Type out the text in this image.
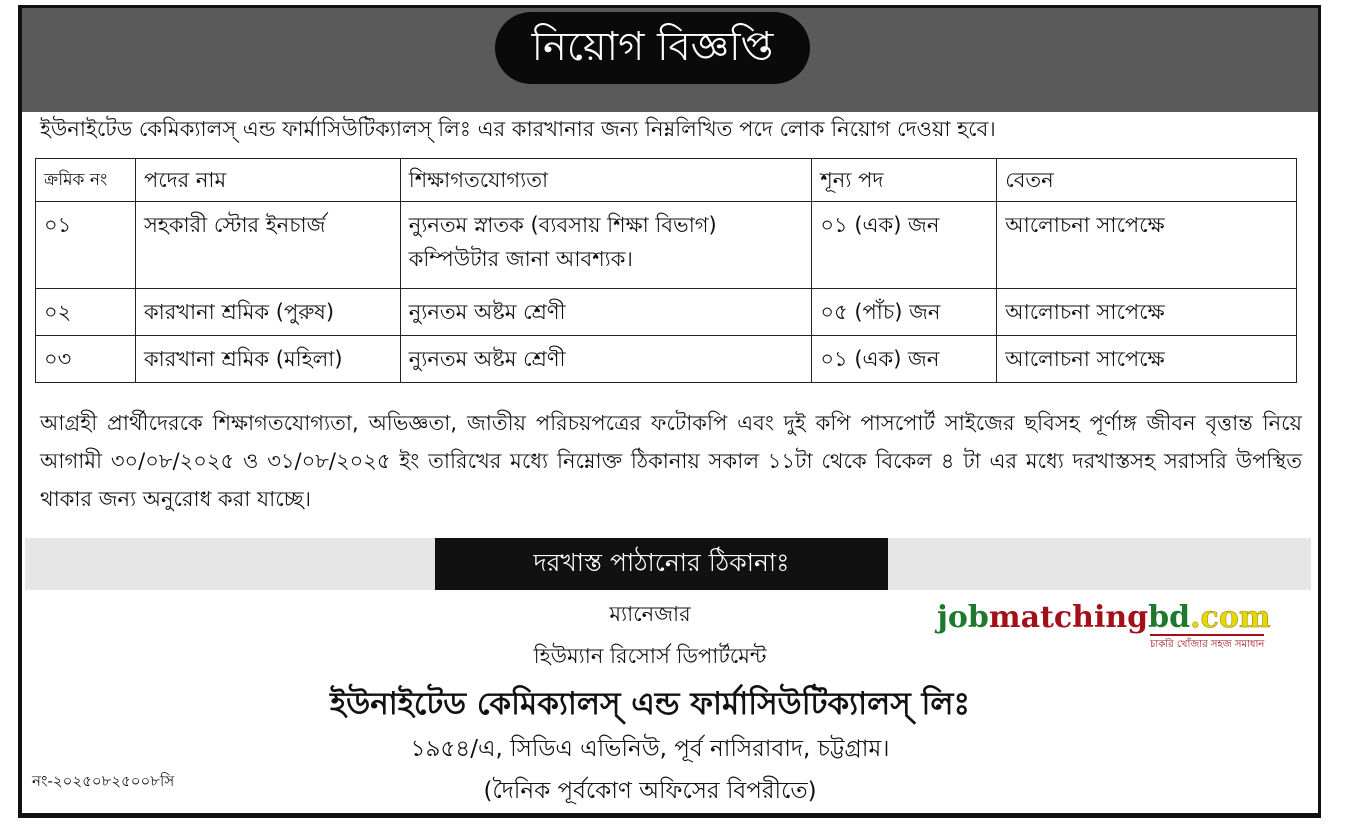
নিয়োগ বিজ্ঞপ্তি
ইউনাইটেড কেমিক্যালস্ এন্ড ফার্মাসিউটিক্যালস্ লিঃ এর কারখানার জন্য নিম্নলিখিত পদে লোক নিয়োগ দেওয়া হবে।
ক্রমিক নং	পদের নাম	শিক্ষাগতযোগ্যতা	শূন্য পদ	বেতন
০১	সহকারী স্টোর ইনচার্জ	ন্যুনতম স্নাতক (ব্যবসায় শিক্ষা বিভাগ) কম্পিউটার জানা আবশ্যক।	০১ (এক) জন	আলোচনা সাপেক্ষে
০২	কারখানা শ্রমিক (পুরুষ)	ন্যুনতম অষ্টম শ্রেণী	০৫ (পাঁচ) জন	আলোচনা সাপেক্ষে
০৩	কারখানা শ্রমিক (মহিলা)	ন্যুনতম অষ্টম শ্রেণী	০১ (এক) জন	আলোচনা সাপেক্ষে
আগ্রহী প্রার্থীদেরকে শিক্ষাগতযোগ্যতা, অভিজ্ঞতা, জাতীয় পরিচয়পত্রের ফটোকপি এবং দুই কপি পাসপোর্ট সাইজের ছবিসহ পূর্ণাঙ্গ জীবন বৃত্তান্ত নিয়ে আগামী ৩০/০৮/২০২৫ ও ৩১/০৮/২০২৫ ইং তারিখের মধ্যে নিম্নোক্ত ঠিকানায় সকাল ১১টা থেকে বিকেল ৪ টা এর মধ্যে দরখাস্তসহ সরাসরি উপস্থিত থাকার জন্য অনুরোধ করা যাচ্ছে।
দরখাস্ত পাঠানোর ঠিকানাঃ
ম্যানেজার
হিউম্যান রিসোর্স ডিপার্টমেন্ট
ইউনাইটেড কেমিক্যালস্ এন্ড ফার্মাসিউটিক্যালস্ লিঃ
১৯৫৪/এ, সিডিএ এভিনিউ, পূর্ব নাসিরাবাদ, চট্টগ্রাম।
(দৈনিক পূর্বকোণ অফিসের বিপরীতে)
নং-২০২৫০৮২৫০০৮সি
jobmatchingbd.com
চাকরি খোঁজার সহজ সমাধান
